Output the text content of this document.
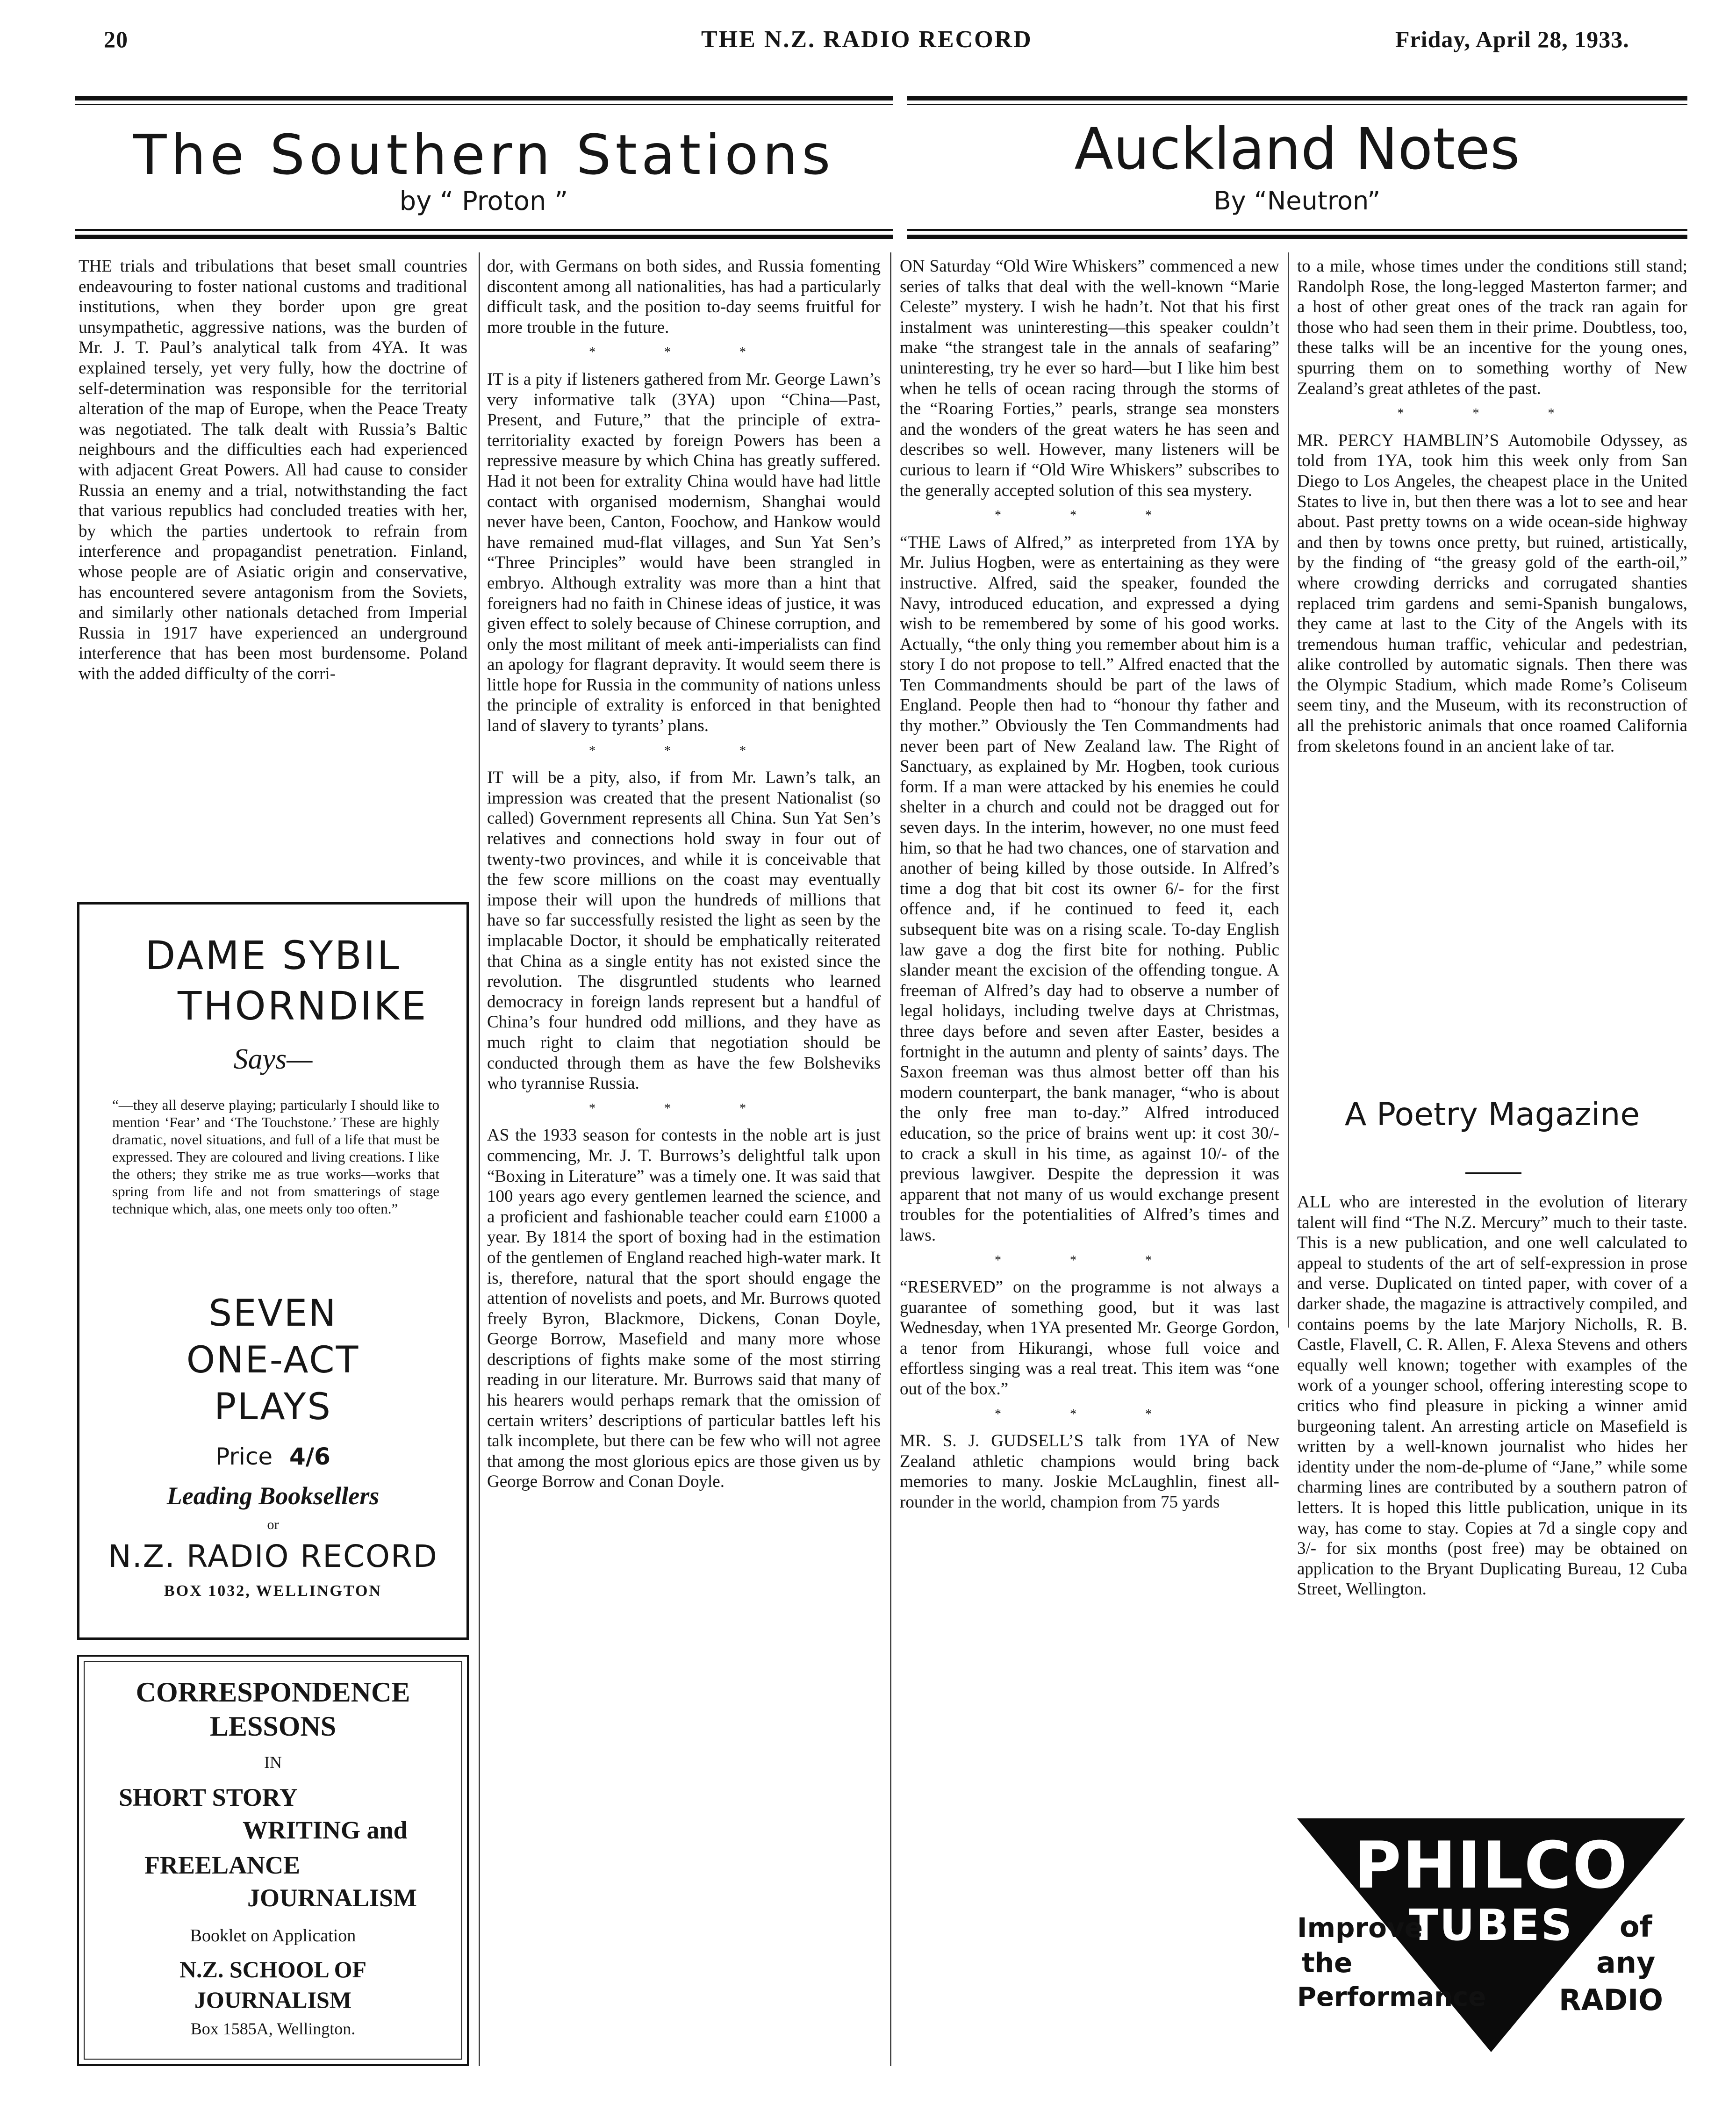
20	THE N.Z. RADIO RECORD	Friday, April 28, 1933.
The Southern Stations
by “ Proton ”
Auckland Notes
By “Neutron”

THE trials and tribulations that beset small countries endeavouring to foster national customs and traditional institutions, when they border upon gre great unsympathetic, aggressive nations, was the burden of Mr. J. T. Paul’s analytical talk from 4YA. It was explained tersely, yet very fully, how the doctrine of self-determination was responsible for the territorial alteration of the map of Europe, when the Peace Treaty was negotiated. The talk dealt with Russia’s Baltic neighbours and the difficulties each had experienced with adjacent Great Powers. All had cause to consider Russia an enemy and a trial, notwithstanding the fact that various republics had concluded treaties with her, by which the parties undertook to refrain from interference and propagandist penetration. Finland, whose people are of Asiatic origin and conservative, has encountered severe antagonism from the Soviets, and similarly other nationals detached from Imperial Russia in 1917 have experienced an underground interference that has been most burdensome. Poland with the added difficulty of the corri-

DAME SYBIL
THORNDIKE
Says—
“—they all deserve playing; particularly I should like to mention ‘Fear’ and ‘The Touchstone.’ These are highly dramatic, novel situations, and full of a life that must be expressed. They are coloured and living creations. I like the others; they strike me as true works—works that spring from life and not from smatterings of stage technique which, alas, one meets only too often.”
SEVEN
ONE-ACT
PLAYS
Price 4/6
Leading Booksellers
or
N.Z. RADIO RECORD
BOX 1032, WELLINGTON
CORRESPONDENCE
LESSONS
IN
SHORT STORY
WRITING and
FREELANCE
JOURNALISM
Booklet on Application
N.Z. SCHOOL OF
JOURNALISM
Box 1585A, Wellington.

dor, with Germans on both sides, and Russia fomenting discontent among all nationalities, has had a particularly difficult task, and the position to-day seems fruitful for more trouble in the future.

* * *

IT is a pity if listeners gathered from Mr. George Lawn’s very informative talk (3YA) upon “China—Past, Present, and Future,” that the principle of extra-territoriality exacted by foreign Powers has been a repressive measure by which China has greatly suffered. Had it not been for extrality China would have had little contact with organised modernism, Shanghai would never have been, Canton, Foochow, and Hankow would have remained mud-flat villages, and Sun Yat Sen’s “Three Principles” would have been strangled in embryo. Although extrality was more than a hint that foreigners had no faith in Chinese ideas of justice, it was given effect to solely because of Chinese corruption, and only the most militant of meek anti-imperialists can find an apology for flagrant depravity. It would seem there is little hope for Russia in the community of nations unless the principle of extrality is enforced in that benighted land of slavery to tyrants’ plans.

* * *

IT will be a pity, also, if from Mr. Lawn’s talk, an impression was created that the present Nationalist (so called) Government represents all China. Sun Yat Sen’s relatives and connections hold sway in four out of twenty-two provinces, and while it is conceivable that the few score millions on the coast may eventually impose their will upon the hundreds of millions that have so far successfully resisted the light as seen by the implacable Doctor, it should be emphatically reiterated that China as a single entity has not existed since the revolution. The disgruntled students who learned democracy in foreign lands represent but a handful of China’s four hundred odd millions, and they have as much right to claim that negotiation should be conducted through them as have the few Bolsheviks who tyrannise Russia.

* * *

AS the 1933 season for contests in the noble art is just commencing, Mr. J. T. Burrows’s delightful talk upon “Boxing in Literature” was a timely one. It was said that 100 years ago every gentlemen learned the science, and a proficient and fashionable teacher could earn £1000 a year. By 1814 the sport of boxing had in the estimation of the gentlemen of England reached high-water mark. It is, therefore, natural that the sport should engage the attention of novelists and poets, and Mr. Burrows quoted freely Byron, Blackmore, Dickens, Conan Doyle, George Borrow, Masefield and many more whose descriptions of fights make some of the most stirring reading in our literature. Mr. Burrows said that many of his hearers would perhaps remark that the omission of certain writers’ descriptions of particular battles left his talk incomplete, but there can be few who will not agree that among the most glorious epics are those given us by George Borrow and Conan Doyle.

ON Saturday “Old Wire Whiskers” commenced a new series of talks that deal with the well-known “Marie Celeste” mystery. I wish he hadn’t. Not that his first instalment was uninteresting—this speaker couldn’t make “the strangest tale in the annals of seafaring” uninteresting, try he ever so hard—but I like him best when he tells of ocean racing through the storms of the “Roaring Forties,” pearls, strange sea monsters and the wonders of the great waters he has seen and describes so well. However, many listeners will be curious to learn if “Old Wire Whiskers” subscribes to the generally accepted solution of this sea mystery.

* * *

“THE Laws of Alfred,” as interpreted from 1YA by Mr. Julius Hogben, were as entertaining as they were instructive. Alfred, said the speaker, founded the Navy, introduced education, and expressed a dying wish to be remembered by some of his good works. Actually, “the only thing you remember about him is a story I do not propose to tell.” Alfred enacted that the Ten Commandments should be part of the laws of England. People then had to “honour thy father and thy mother.” Obviously the Ten Commandments had never been part of New Zealand law. The Right of Sanctuary, as explained by Mr. Hogben, took curious form. If a man were attacked by his enemies he could shelter in a church and could not be dragged out for seven days. In the interim, however, no one must feed him, so that he had two chances, one of starvation and another of being killed by those outside. In Alfred’s time a dog that bit cost its owner 6/- for the first offence and, if he continued to feed it, each subsequent bite was on a rising scale. To-day English law gave a dog the first bite for nothing. Public slander meant the excision of the offending tongue. A freeman of Alfred’s day had to observe a number of legal holidays, including twelve days at Christmas, three days before and seven after Easter, besides a fortnight in the autumn and plenty of saints’ days. The Saxon freeman was thus almost better off than his modern counterpart, the bank manager, “who is about the only free man to-day.” Alfred introduced education, so the price of brains went up: it cost 30/- to crack a skull in his time, as against 10/- of the previous lawgiver. Despite the depression it was apparent that not many of us would exchange present troubles for the potentialities of Alfred’s times and laws.

* * *

“RESERVED” on the programme is not always a guarantee of something good, but it was last Wednesday, when 1YA presented Mr. George Gordon, a tenor from Hikurangi, whose full voice and effortless singing was a real treat. This item was “one out of the box.”

* * *

MR. S. J. GUDSELL’S talk from 1YA of New Zealand athletic champions would bring back memories to many. Joskie McLaughlin, finest all-rounder in the world, champion from 75 yards

to a mile, whose times under the conditions still stand; Randolph Rose, the long-legged Masterton farmer; and a host of other great ones of the track ran again for those who had seen them in their prime. Doubtless, too, these talks will be an incentive for the young ones, spurring them on to something worthy of New Zealand’s great athletes of the past.

* * *

MR. PERCY HAMBLIN’S Automobile Odyssey, as told from 1YA, took him this week only from San Diego to Los Angeles, the cheapest place in the United States to live in, but then there was a lot to see and hear about. Past pretty towns on a wide ocean-side highway and then by towns once pretty, but ruined, artistically, by the finding of “the greasy gold of the earth-oil,” where crowding derricks and corrugated shanties replaced trim gardens and semi-Spanish bungalows, they came at last to the City of the Angels with its tremendous human traffic, vehicular and pedestrian, alike controlled by automatic signals. Then there was the Olympic Stadium, which made Rome’s Coliseum seem tiny, and the Museum, with its reconstruction of all the prehistoric animals that once roamed California from skeletons found in an ancient lake of tar.

A Poetry Magazine

ALL who are interested in the evolution of literary talent will find “The N.Z. Mercury” much to their taste. This is a new publication, and one well calculated to appeal to students of the art of self-expression in prose and verse. Duplicated on tinted paper, with cover of a darker shade, the magazine is attractively compiled, and contains poems by the late Marjory Nicholls, R. B. Castle, Flavell, C. R. Allen, F. Alexa Stevens and others equally well known; together with examples of the work of a younger school, offering interesting scope to critics who find pleasure in picking a winner amid burgeoning talent. An arresting article on Masefield is written by a well-known journalist who hides her identity under the nom-de-plume of “Jane,” while some charming lines are contributed by a southern patron of letters. It is hoped this little publication, unique in its way, has come to stay. Copies at 7d a single copy and 3/- for six months (post free) may be obtained on application to the Bryant Duplicating Bureau, 12 Cuba Street, Wellington.

PHILCO
TUBES
Improve
the
Performance
of
any
RADIO
